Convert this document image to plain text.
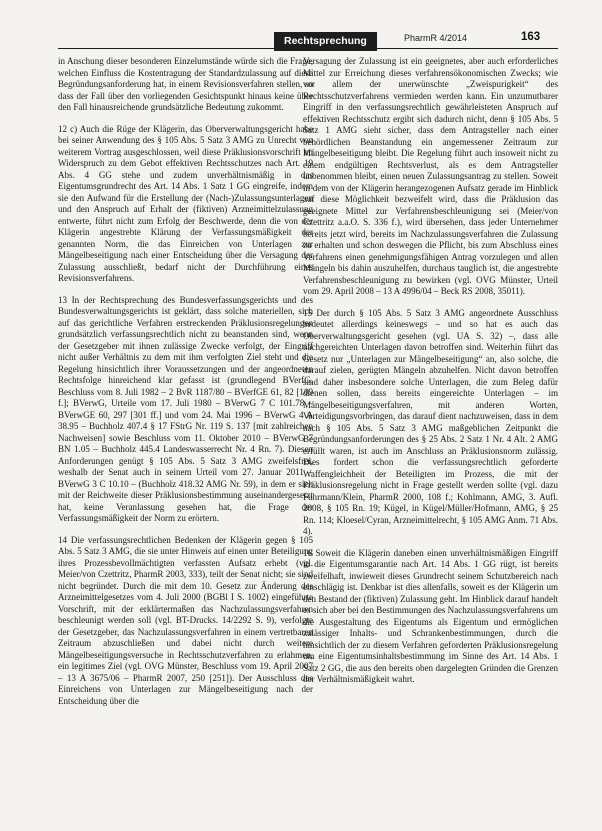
Rechtsprechung	PharmR 4/2014	163

in Anschung dieser besonderen Einzelumstände würde sich die Frage, welchen Einfluss die Kostentragung der Standardzulassung auf diese Begründungsanforderung hat, in einem Revisionsverfahren stellen, so dass der Fall über den vorliegenden Gesichtspunkt hinaus keine über den Fall hinausreichende grundsätzliche Bedeutung zukommt.

12 c) Auch die Rüge der Klägerin, das Oberverwaltungsgericht habe bei seiner Anwendung des § 105 Abs. 5 Satz 3 AMG zu Unrecht von weiterem Vortrag ausgeschlossen, weil diese Präklusionsvorschrift im Widerspruch zu dem Gebot effektiven Rechtsschutzes nach Art. 19 Abs. 4 GG stehe und zudem unverhältnismäßig in das Eigentumsgrundrecht des Art. 14 Abs. 1 Satz 1 GG eingreife, indem sie den Aufwand für die Erstellung der (Nach-)Zulassungsunterlagen und den Anspruch auf Erhalt der (fiktiven) Arzneimittelzulassung entwerte, führt nicht zum Erfolg der Beschwerde, denn die von der Klägerin angestrebte Klärung der Verfassungsmäßigkeit der genannten Norm, die das Einreichen von Unterlagen zur Mängelbeseitigung nach einer Entscheidung über die Versagung der Zulassung ausschließt, bedarf nicht der Durchführung eines Revisionsverfahrens.

13 In der Rechtsprechung des Bundesverfassungsgerichts und des Bundesverwaltungsgerichts ist geklärt, dass solche materiellen, sich auf das gerichtliche Verfahren erstreckenden Präklusionsregelungen grundsätzlich verfassungsrechtlich nicht zu beanstanden sind, wenn der Gesetzgeber mit ihnen zulässige Zwecke verfolgt, der Eingriff nicht außer Verhältnis zu dem mit ihm verfolgten Ziel steht und die Regelung hinsichtlich ihrer Voraussetzungen und der angeordneten Rechtsfolge hinreichend klar gefasst ist (grundlegend BVerfG, Beschluss vom 8. Juli 1982 – 2 BvR 1187/80 – BVerfGE 61, 82 [109 f.]; BVerwG, Urteile vom 17. Juli 1980 – BVerwG 7 C 101.78 – BVerwGE 60, 297 [301 ff.] und vom 24. Mai 1996 – BVerwG 4 A 38.95 – Buchholz 407.4 § 17 FStrG Nr. 119 S. 137 [mit zahlreichen Nachweisen] sowie Beschluss vom 11. Oktober 2010 – BVerwG 7 BN 1.05 – Buchholz 445.4 Landeswasserrecht Nr. 4 Rn. 7). Diesen Anforderungen genügt § 105 Abs. 5 Satz 3 AMG zweifelsfrei, weshalb der Senat auch in seinem Urteil vom 27. Januar 2011 – BVerwG 3 C 10.10 – (Buchholz 418.32 AMG Nr. 59), in dem er sich mit der Reichweite dieser Präklusionsbestimmung auseinandergesetzt hat, keine Veranlassung gesehen hat, die Frage der Verfassungsmäßigkeit der Norm zu erörtern.

14 Die verfassungsrechtlichen Bedenken der Klägerin gegen § 105 Abs. 5 Satz 3 AMG, die sie unter Hinweis auf einen unter Beteiligung ihres Prozessbevollmächtigten verfassten Aufsatz erhebt (vgl. Meier/von Czettritz, PharmR 2003, 333), teilt der Senat nicht; sie sind nicht begründet. Durch die mit dem 10. Gesetz zur Änderung des Arzneimittelgesetzes vom 4. Juli 2000 (BGBl I S. 1002) eingeführte Vorschrift, mit der erklärtermaßen das Nachzulassungsverfahren beschleunigt werden soll (vgl. BT-Drucks. 14/2292 S. 9), verfolgte der Gesetzgeber, das Nachzulassungsverfahren in einem vertretbaren Zeitraum abzuschließen und dabei nicht durch weitere Mängelbeseitigungsversuche in Rechtsschutzverfahren zu erlahmen, ein legitimes Ziel (vgl. OVG Münster, Beschluss vom 19. April 2007 – 13 A 3675/06 – PharmR 2007, 250 [251]). Der Ausschluss des Einreichens von Unterlagen zur Mängelbeseitigung nach der Entscheidung über die

Versagung der Zulassung ist ein geeignetes, aber auch erforderliches Mittel zur Erreichung dieses verfahrensökonomischen Zwecks; wie vor allem der unerwünschte „Zweispurigkeit“ des Rechtsschutzverfahrens vermieden werden kann. Ein unzumutbarer Eingriff in den verfassungsrechtlich gewährleisteten Anspruch auf effektiven Rechtsschutz ergibt sich dadurch nicht, denn § 105 Abs. 5 Satz 1 AMG sieht sicher, dass dem Antragsteller nach einer behördlichen Beanstandung ein angemessener Zeitraum zur Mängelbeseitigung bleibt. Die Regelung führt auch insoweit nicht zu einem endgültigen Rechtsverlust, als es dem Antragsteller unbenommen bleibt, einen neuen Zulassungsantrag zu stellen. Soweit in dem von der Klägerin herangezogenen Aufsatz gerade im Hinblick auf diese Möglichkeit bezweifelt wird, dass die Präklusion das geeignete Mittel zur Verfahrensbeschleunigung sei (Meier/von Czettritz a.a.O. S. 336 f.), wird übersehen, dass jeder Unternehmer bereits jetzt wird, bereits im Nachzulassungsverfahren die Zulassung zu erhalten und schon deswegen die Pflicht, bis zum Abschluss eines Verfahrens einen genehmigungsfähigen Antrag vorzulegen und allen Mängeln bis dahin auszuhelfen, durchaus tauglich ist, die angestrebte Verfahrensbeschleunigung zu bewirken (vgl. OVG Münster, Urteil vom 29. April 2008 – 13 A 4996/04 – Beck RS 2008, 35011).

15 Der durch § 105 Abs. 5 Satz 3 AMG angeordnete Ausschluss bedeutet allerdings keineswegs – und so hat es auch das Oberverwaltungsgericht gesehen (vgl. UA S. 32) –, dass alle nachgereichten Unterlagen davon betroffen sind. Weiterhin führt das Gesetz nur „Unterlagen zur Mängelbeseitigung“ an, also solche, die darauf zielen, gerügten Mängeln abzuhelfen. Nicht davon betroffen sind daher insbesondere solche Unterlagen, die zum Beleg dafür dienen sollen, dass bereits eingereichte Unterlagen – im Mängelbeseitigungsverfahren, mit anderen Worten, Verteidigungsvorbringen, das darauf dient nachzuweisen, dass in dem nach § 105 Abs. 5 Satz 3 AMG maßgeblichen Zeitpunkt die Begründungsanforderungen des § 25 Abs. 2 Satz 1 Nr. 4 Alt. 2 AMG erfüllt waren, ist auch im Anschluss an Präklusionsnorm zulässig. Dies fordert schon die verfassungsrechtlich geforderte Waffengleichheit der Beteiligten im Prozess, die mit der Präklusionsregelung nicht in Frage gestellt werden sollte (vgl. dazu Fuhrmann/Klein, PharmR 2000, 108 f.; Kohlmann, AMG, 3. Aufl. 2008, § 105 Rn. 19; Kügel, in Kügel/Müller/Hofmann, AMG, § 25 Rn. 114; Kloesel/Cyran, Arzneimittelrecht, § 105 AMG Anm. 71 Abs. 4).

16 Soweit die Klägerin daneben einen unverhältnismäßigen Eingriff in die Eigentumsgarantie nach Art. 14 Abs. 1 GG rügt, ist bereits zweifelhaft, inwieweit dieses Grundrecht seinem Schutzbereich nach einschlägig ist. Denkbar ist dies allenfalls, soweit es der Klägerin um den Bestand der (fiktiven) Zulassung geht. Im Hinblick darauf handelt es sich aber bei den Bestimmungen des Nachzulassungsverfahrens um die Ausgestaltung des Eigentums als Eigentum und ermöglichen zulässiger Inhalts- und Schrankenbestimmungen, durch die hinsichtlich der zu diesem Verfahren geforderten Präklusionsregelung um eine Eigentumsinhaltsbestimmung im Sinne des Art. 14 Abs. 1 Satz 2 GG, die aus den bereits oben dargelegten Gründen die Grenzen der Verhältnismäßigkeit wahrt.
